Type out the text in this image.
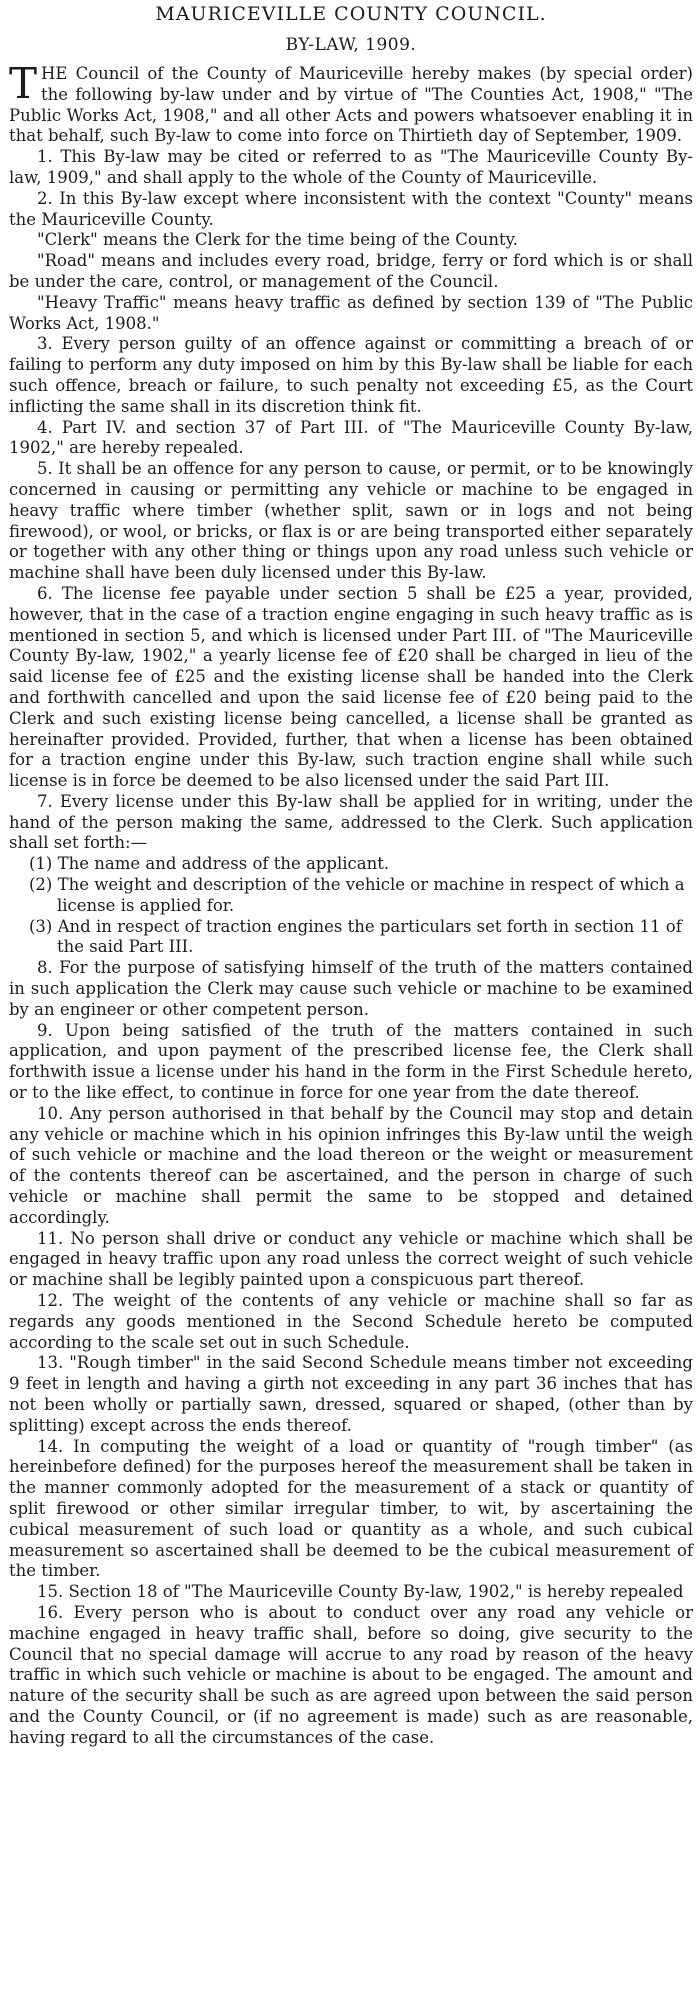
MAURICEVILLE COUNTY COUNCIL.
BY-LAW, 1909.

THE Council of the County of Mauriceville hereby makes (by special order) the following by-law under and by virtue of "The Counties Act, 1908," "The Public Works Act, 1908," and all other Acts and powers whatsoever enabling it in that behalf, such By-law to come into force on Thirtieth day of September, 1909.

1. This By-law may be cited or referred to as "The Mauriceville County By-law, 1909," and shall apply to the whole of the County of Mauriceville.

2. In this By-law except where inconsistent with the context "County" means the Mauriceville County.

"Clerk" means the Clerk for the time being of the County.

"Road" means and includes every road, bridge, ferry or ford which is or shall be under the care, control, or management of the Council.

"Heavy Traffic" means heavy traffic as defined by section 139 of "The Public Works Act, 1908."

3. Every person guilty of an offence against or committing a breach of or failing to perform any duty imposed on him by this By-law shall be liable for each such offence, breach or failure, to such penalty not exceeding £5, as the Court inflicting the same shall in its discretion think fit.

4. Part IV. and section 37 of Part III. of "The Mauriceville County By-law, 1902," are hereby repealed.

5. It shall be an offence for any person to cause, or permit, or to be knowingly concerned in causing or permitting any vehicle or machine to be engaged in heavy traffic where timber (whether split, sawn or in logs and not being firewood), or wool, or bricks, or flax is or are being transported either separately or together with any other thing or things upon any road unless such vehicle or machine shall have been duly licensed under this By-law.

6. The license fee payable under section 5 shall be £25 a year, provided, however, that in the case of a traction engine engaging in such heavy traffic as is mentioned in section 5, and which is licensed under Part III. of "The Mauriceville County By-law, 1902," a yearly license fee of £20 shall be charged in lieu of the said license fee of £25 and the existing license shall be handed into the Clerk and forthwith cancelled and upon the said license fee of £20 being paid to the Clerk and such existing license being cancelled, a license shall be granted as hereinafter provided. Provided, further, that when a license has been obtained for a traction engine under this By-law, such traction engine shall while such license is in force be deemed to be also licensed under the said Part III.

7. Every license under this By-law shall be applied for in writing, under the hand of the person making the same, addressed to the Clerk. Such application shall set forth:—

(1) The name and address of the applicant.

(2) The weight and description of the vehicle or machine in respect of which a license is applied for.

(3) And in respect of traction engines the particulars set forth in section 11 of the said Part III.

8. For the purpose of satisfying himself of the truth of the matters contained in such application the Clerk may cause such vehicle or machine to be examined by an engineer or other competent person.

9. Upon being satisfied of the truth of the matters contained in such application, and upon payment of the prescribed license fee, the Clerk shall forthwith issue a license under his hand in the form in the First Schedule hereto, or to the like effect, to continue in force for one year from the date thereof.

10. Any person authorised in that behalf by the Council may stop and detain any vehicle or machine which in his opinion infringes this By-law until the weigh of such vehicle or machine and the load thereon or the weight or measurement of the contents thereof can be ascertained, and the person in charge of such vehicle or machine shall permit the same to be stopped and detained accordingly.

11. No person shall drive or conduct any vehicle or machine which shall be engaged in heavy traffic upon any road unless the correct weight of such vehicle or machine shall be legibly painted upon a conspicuous part thereof.

12. The weight of the contents of any vehicle or machine shall so far as regards any goods mentioned in the Second Schedule hereto be computed according to the scale set out in such Schedule.

13. "Rough timber" in the said Second Schedule means timber not exceeding 9 feet in length and having a girth not exceeding in any part 36 inches that has not been wholly or partially sawn, dressed, squared or shaped, (other than by splitting) except across the ends thereof.

14. In computing the weight of a load or quantity of "rough timber" (as hereinbefore defined) for the purposes hereof the measurement shall be taken in the manner commonly adopted for the measurement of a stack or quantity of split firewood or other similar irregular timber, to wit, by ascertaining the cubical measurement of such load or quantity as a whole, and such cubical measurement so ascertained shall be deemed to be the cubical measurement of the timber.

15. Section 18 of "The Mauriceville County By-law, 1902," is hereby repealed

16. Every person who is about to conduct over any road any vehicle or machine engaged in heavy traffic shall, before so doing, give security to the Council that no special damage will accrue to any road by reason of the heavy traffic in which such vehicle or machine is about to be engaged. The amount and nature of the security shall be such as are agreed upon between the said person and the County Council, or (if no agreement is made) such as are reasonable, having regard to all the circumstances of the case.
